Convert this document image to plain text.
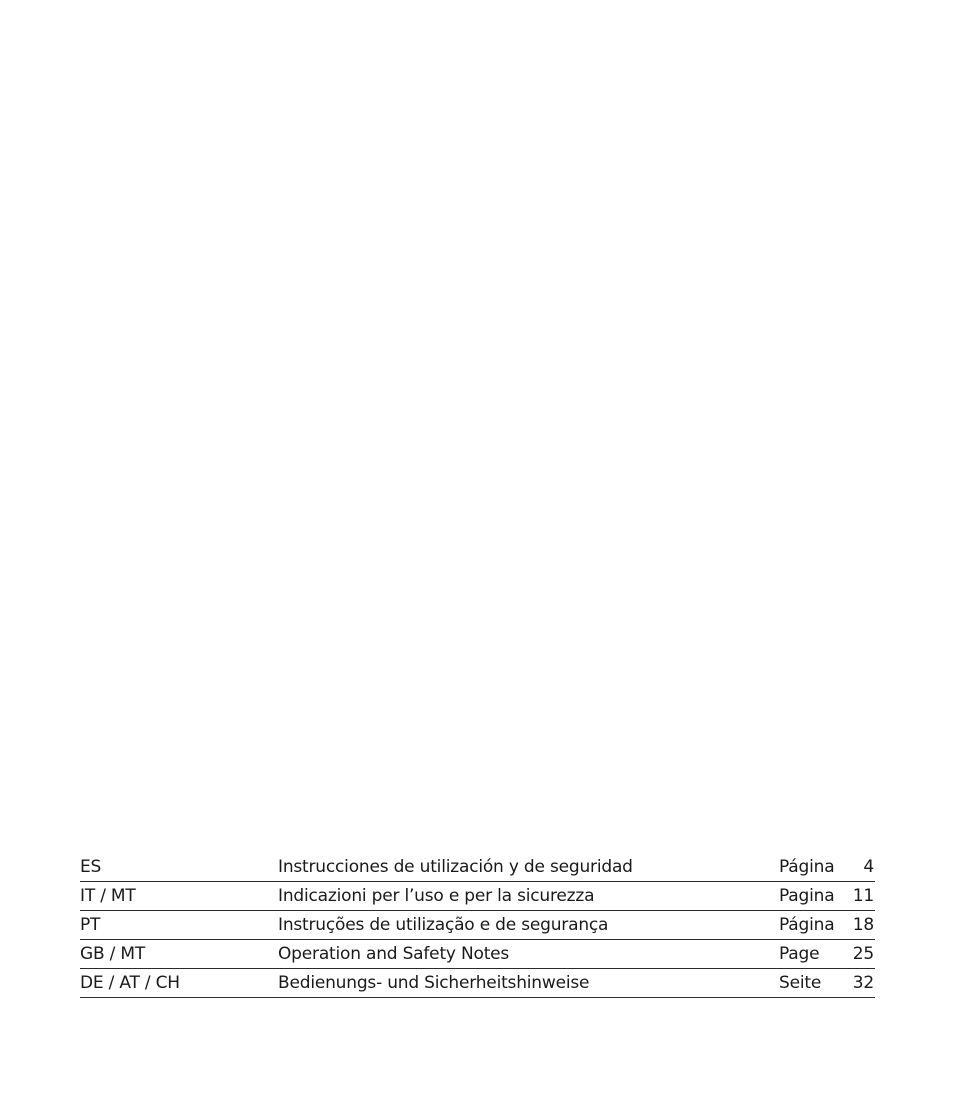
ES	Instrucciones de utilización y de seguridad	Página 4
IT / MT	Indicazioni per l’uso e per la sicurezza	Pagina 11
PT	Instruções de utilização e de segurança	Página 18
GB / MT	Operation and Safety Notes	Page 25
DE / AT / CH	Bedienungs- und Sicherheitshinweise	Seite 32
